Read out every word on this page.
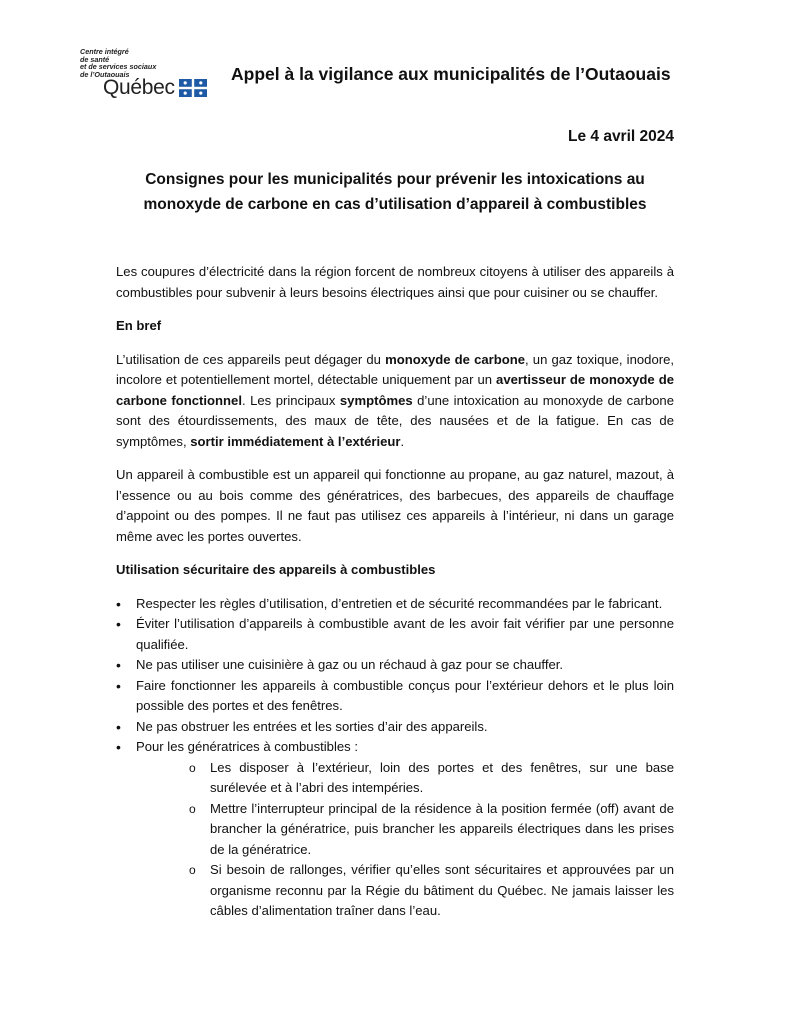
Centre intégré
de santé
et de services sociaux
de l’Outaouais
Québec
Appel à la vigilance aux municipalités de l’Outaouais
Le 4 avril 2024
Consignes pour les municipalités pour prévenir les intoxications au monoxyde de carbone en cas d’utilisation d’appareil à combustibles

Les coupures d’électricité dans la région forcent de nombreux citoyens à utiliser des appareils à combustibles pour subvenir à leurs besoins électriques ainsi que pour cuisiner ou se chauffer.

En bref

L’utilisation de ces appareils peut dégager du monoxyde de carbone, un gaz toxique, inodore, incolore et potentiellement mortel, détectable uniquement par un avertisseur de monoxyde de carbone fonctionnel. Les principaux symptômes d’une intoxication au monoxyde de carbone sont des étourdissements, des maux de tête, des nausées et de la fatigue. En cas de symptômes, sortir immédiatement à l’extérieur.

Un appareil à combustible est un appareil qui fonctionne au propane, au gaz naturel, mazout, à l’essence ou au bois comme des génératrices, des barbecues, des appareils de chauffage d’appoint ou des pompes. Il ne faut pas utilisez ces appareils à l’intérieur, ni dans un garage même avec les portes ouvertes.

Utilisation sécuritaire des appareils à combustibles
• Respecter les règles d’utilisation, d’entretien et de sécurité recommandées par le fabricant.
• Éviter l’utilisation d’appareils à combustible avant de les avoir fait vérifier par une personne qualifiée.
• Ne pas utiliser une cuisinière à gaz ou un réchaud à gaz pour se chauffer.
• Faire fonctionner les appareils à combustible conçus pour l’extérieur dehors et le plus loin possible des portes et des fenêtres.
• Ne pas obstruer les entrées et les sorties d’air des appareils.
• Pour les génératrices à combustibles :
o Les disposer à l’extérieur, loin des portes et des fenêtres, sur une base surélevée et à l’abri des intempéries.
o Mettre l’interrupteur principal de la résidence à la position fermée (off) avant de brancher la génératrice, puis brancher les appareils électriques dans les prises de la génératrice.
o Si besoin de rallonges, vérifier qu’elles sont sécuritaires et approuvées par un organisme reconnu par la Régie du bâtiment du Québec. Ne jamais laisser les câbles d’alimentation traîner dans l’eau.
